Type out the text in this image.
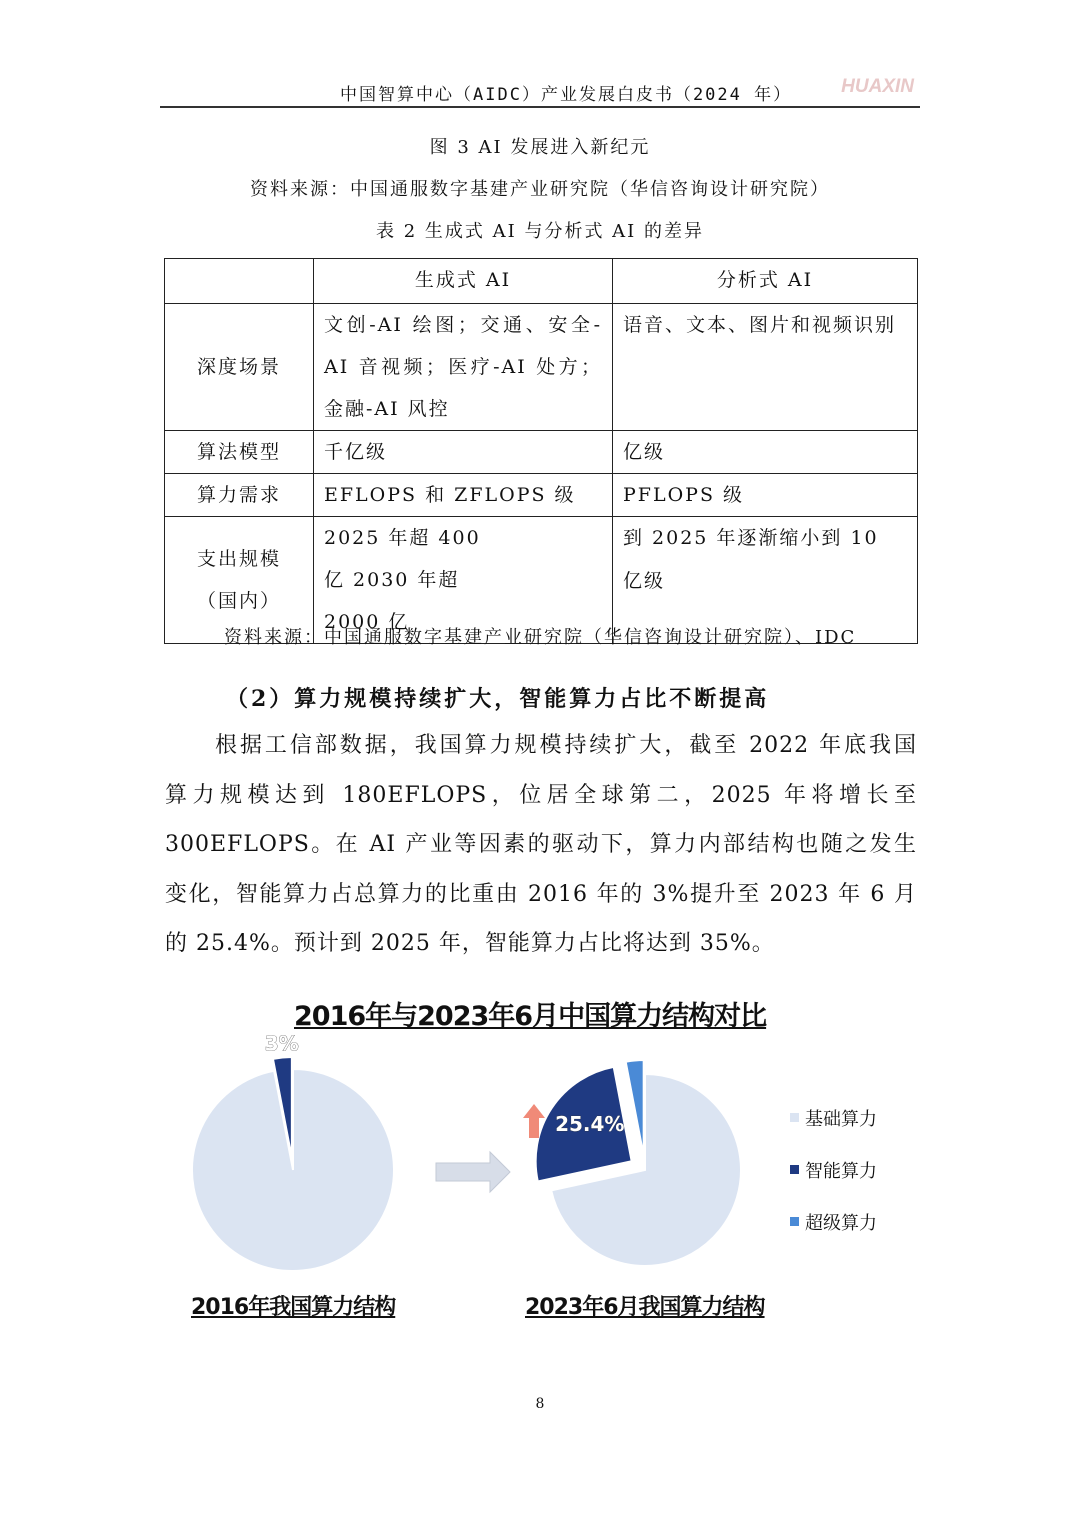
中国智算中心（AIDC）产业发展白皮书（2024 年）	HUAXIN
图 3 AI 发展进入新纪元
资料来源：中国通服数字基建产业研究院（华信咨询设计研究院）
表 2 生成式 AI 与分析式 AI 的差异
	生成式 AI	分析式 AI
深度场景	文创-AI 绘图；交通、安全-AI 音视频；医疗-AI 处方；金融-AI 风控	语音、文本、图片和视频识别
算法模型	千亿级	亿级
算力需求	EFLOPS 和 ZFLOPS 级	PFLOPS 级
支出规模（国内）	2025 年超 400 亿 2030 年超 2000 亿	到 2025 年逐渐缩小到 10 亿级
资料来源：中国通服数字基建产业研究院（华信咨询设计研究院）、IDC
（2）算力规模持续扩大，智能算力占比不断提高
根据工信部数据，我国算力规模持续扩大，截至 2022 年底我国
算力规模达到 180EFLOPS，位居全球第二，2025 年将增长至
300EFLOPS。在 AI 产业等因素的驱动下，算力内部结构也随之发生
变化，智能算力占总算力的比重由 2016 年的 3%提升至 2023 年 6 月
的 25.4%。预计到 2025 年，智能算力占比将达到 35%。
2016年与2023年6月中国算力结构对比
3%
25.4%
2016年我国算力结构	2023年6月我国算力结构
基础算力
智能算力
超级算力
8
